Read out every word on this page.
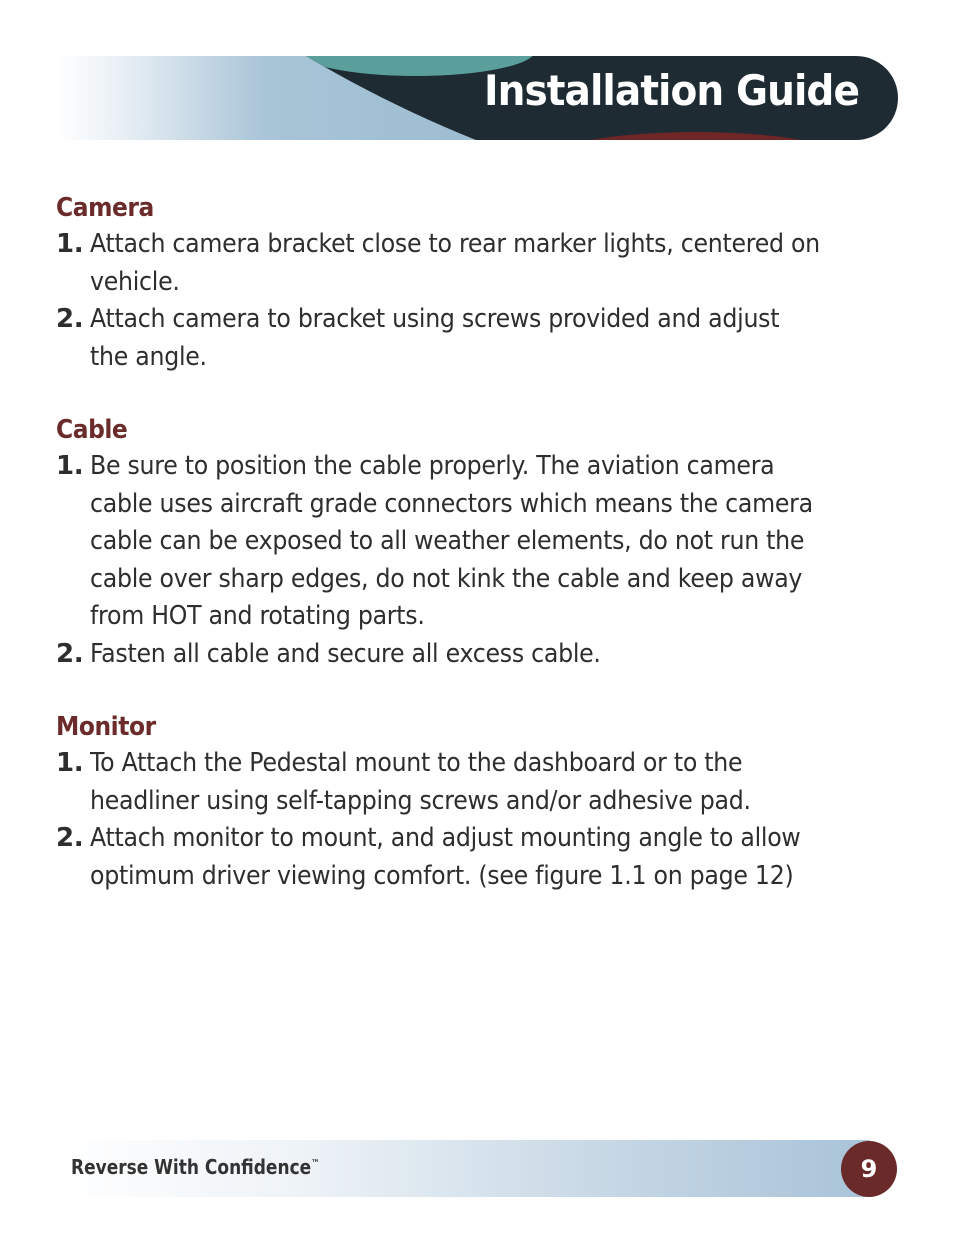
Installation Guide
Camera
1. Attach camera bracket close to rear marker lights, centered on vehicle.
2. Attach camera to bracket using screws provided and adjust the angle.
Cable
1. Be sure to position the cable properly. The aviation camera cable uses aircraft grade connectors which means the camera cable can be exposed to all weather elements, do not run the cable over sharp edges, do not kink the cable and keep away from HOT and rotating parts.
2. Fasten all cable and secure all excess cable.
Monitor
1. To Attach the Pedestal mount to the dashboard or to the headliner using self-tapping screws and/or adhesive pad.
2. Attach monitor to mount, and adjust mounting angle to allow optimum driver viewing comfort. (see figure 1.1 on page 12)
Reverse With Confidence™	9
